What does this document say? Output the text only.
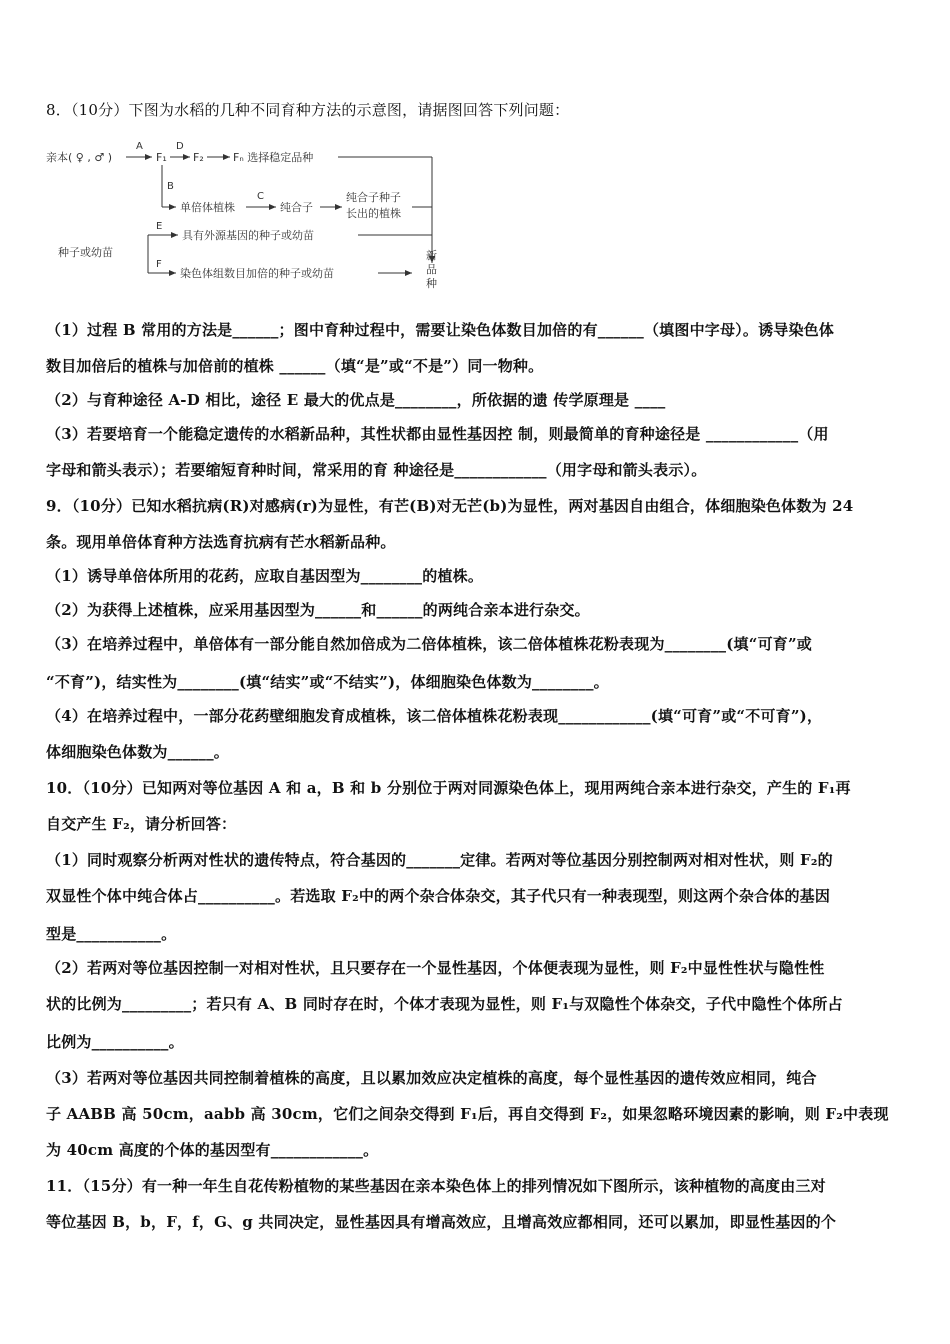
8．（10分）下图为水稻的几种不同育种方法的示意图，请据图回答下列问题：
亲本( ♀ , ♂ )
A
F₁
D
F₂	Fₙ 选择稳定品种
B
单倍体植株
C
纯合子
纯合子种子
长出的植株
种子或幼苗
E
具有外源基因的种子或幼苗
F
染色体组数目加倍的种子或幼苗
新
品
种
（1）过程 B 常用的方法是______；图中育种过程中，需要让染色体数目加倍的有______（填图中字母）。诱导染色体
数目加倍后的植株与加倍前的植株 ______（填“是”或“不是”）同一物种。
（2）与育种途径 A-D 相比，途径 E 最大的优点是________，所依据的遗 传学原理是 ____
（3）若要培育一个能稳定遗传的水稻新品种，其性状都由显性基因控 制，则最简单的育种途径是 ____________（用
字母和箭头表示）；若要缩短育种时间，常采用的育 种途径是____________（用字母和箭头表示）。
9．（10分）已知水稻抗病(R)对感病(r)为显性，有芒(B)对无芒(b)为显性，两对基因自由组合，体细胞染色体数为 24
条。现用单倍体育种方法选育抗病有芒水稻新品种。
（1）诱导单倍体所用的花药，应取自基因型为________的植株。
（2）为获得上述植株，应采用基因型为______和______的两纯合亲本进行杂交。
（3）在培养过程中，单倍体有一部分能自然加倍成为二倍体植株，该二倍体植株花粉表现为________(填“可育”或
“不育”)，结实性为________(填“结实”或“不结实”)，体细胞染色体数为________。
（4）在培养过程中，一部分花药壁细胞发育成植株，该二倍体植株花粉表现____________(填“可育”或“不可育”)，
体细胞染色体数为______。
10．（10分）已知两对等位基因 A 和 a，B 和 b 分别位于两对同源染色体上，现用两纯合亲本进行杂交，产生的 F₁再
自交产生 F₂，请分析回答：
（1）同时观察分析两对性状的遗传特点，符合基因的_______定律。若两对等位基因分别控制两对相对性状，则 F₂的
双显性个体中纯合体占__________。若选取 F₂中的两个杂合体杂交，其子代只有一种表现型，则这两个杂合体的基因
型是___________。
（2）若两对等位基因控制一对相对性状，且只要存在一个显性基因，个体便表现为显性，则 F₂中显性性状与隐性性
状的比例为_________；若只有 A、B 同时存在时，个体才表现为显性，则 F₁与双隐性个体杂交，子代中隐性个体所占
比例为__________。
（3）若两对等位基因共同控制着植株的高度，且以累加效应决定植株的高度，每个显性基因的遗传效应相同，纯合
子 AABB 高 50cm，aabb 高 30cm，它们之间杂交得到 F₁后，再自交得到 F₂，如果忽略环境因素的影响，则 F₂中表现
为 40cm 高度的个体的基因型有____________。
11．（15分）有一种一年生自花传粉植物的某些基因在亲本染色体上的排列情况如下图所示，该种植物的高度由三对
等位基因 B，b，F，f，G、g 共同决定，显性基因具有增高效应，且增高效应都相同，还可以累加，即显性基因的个
